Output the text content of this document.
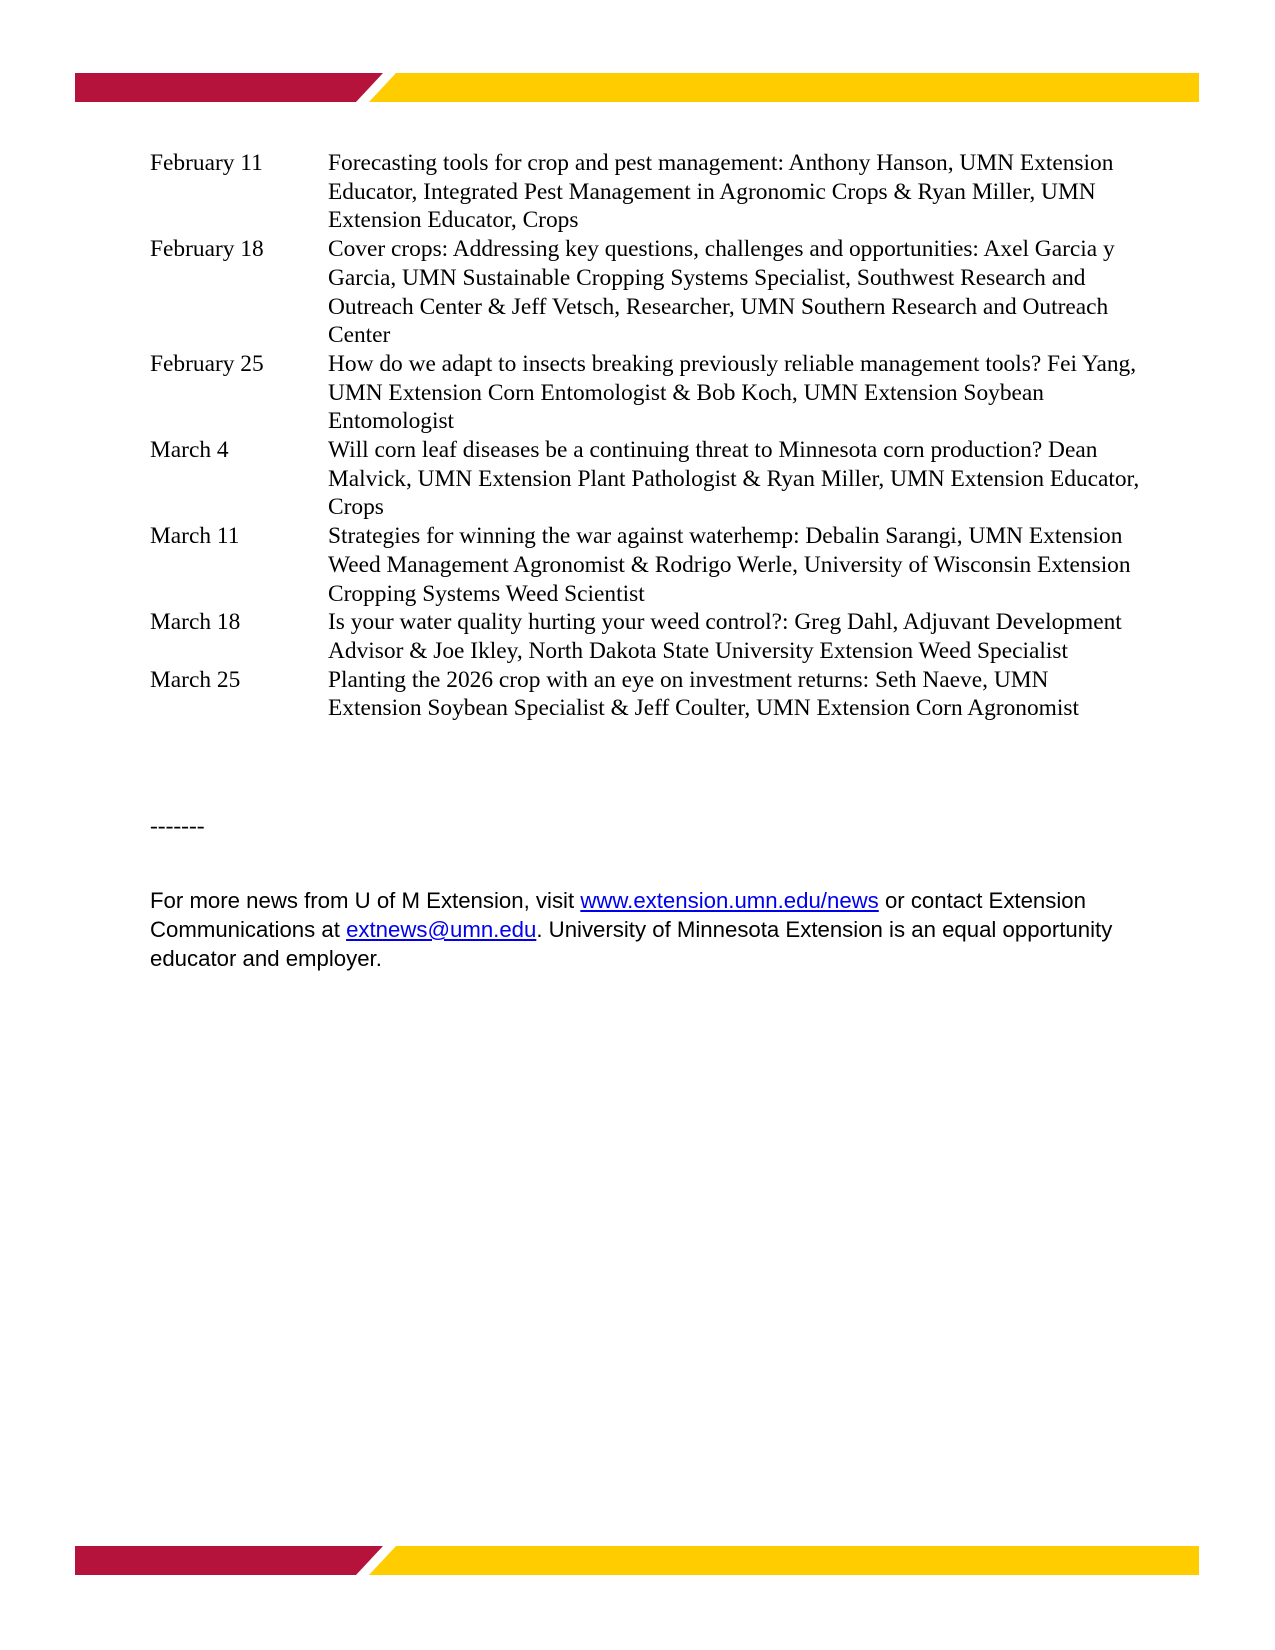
February 11	Forecasting tools for crop and pest management: Anthony Hanson, UMN Extension Educator, Integrated Pest Management in Agronomic Crops & Ryan Miller, UMN Extension Educator, Crops
February 18	Cover crops: Addressing key questions, challenges and opportunities: Axel Garcia y Garcia, UMN Sustainable Cropping Systems Specialist, Southwest Research and Outreach Center & Jeff Vetsch, Researcher, UMN Southern Research and Outreach Center
February 25	How do we adapt to insects breaking previously reliable management tools? Fei Yang, UMN Extension Corn Entomologist & Bob Koch, UMN Extension Soybean Entomologist
March 4	Will corn leaf diseases be a continuing threat to Minnesota corn production? Dean Malvick, UMN Extension Plant Pathologist & Ryan Miller, UMN Extension Educator, Crops
March 11	Strategies for winning the war against waterhemp: Debalin Sarangi, UMN Extension Weed Management Agronomist & Rodrigo Werle, University of Wisconsin Extension Cropping Systems Weed Scientist
March 18	Is your water quality hurting your weed control?: Greg Dahl, Adjuvant Development Advisor & Joe Ikley, North Dakota State University Extension Weed Specialist
March 25	Planting the 2026 crop with an eye on investment returns: Seth Naeve, UMN Extension Soybean Specialist & Jeff Coulter, UMN Extension Corn Agronomist
-------
For more news from U of M Extension, visit www.extension.umn.edu/news or contact Extension Communications at extnews@umn.edu. University of Minnesota Extension is an equal opportunity educator and employer.
